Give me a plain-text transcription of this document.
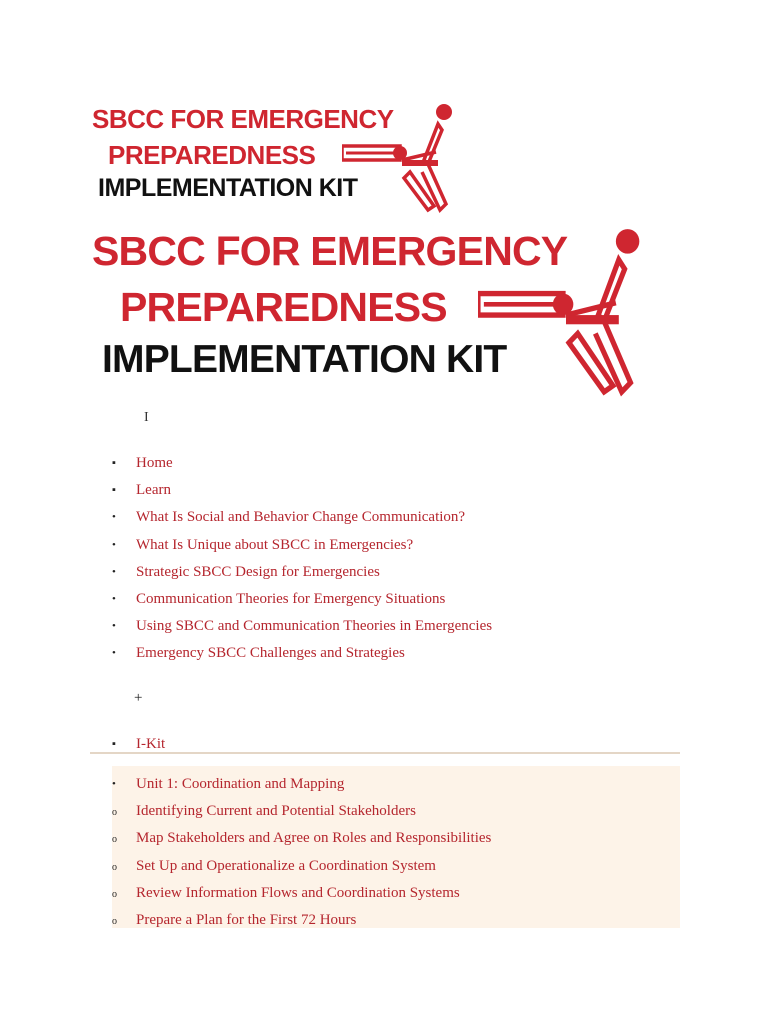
SBCC FOR EMERGENCY
PREPAREDNESS
IMPLEMENTATION KIT
SBCC FOR EMERGENCY
PREPAREDNESS
IMPLEMENTATION KIT
I
▪ Home
▪ Learn
• What Is Social and Behavior Change Communication?
• What Is Unique about SBCC in Emergencies?
• Strategic SBCC Design for Emergencies
• Communication Theories for Emergency Situations
• Using SBCC and Communication Theories in Emergencies
• Emergency SBCC Challenges and Strategies
+
▪ I-Kit
• Unit 1: Coordination and Mapping
o Identifying Current and Potential Stakeholders
o Map Stakeholders and Agree on Roles and Responsibilities
o Set Up and Operationalize a Coordination System
o Review Information Flows and Coordination Systems
o Prepare a Plan for the First 72 Hours
